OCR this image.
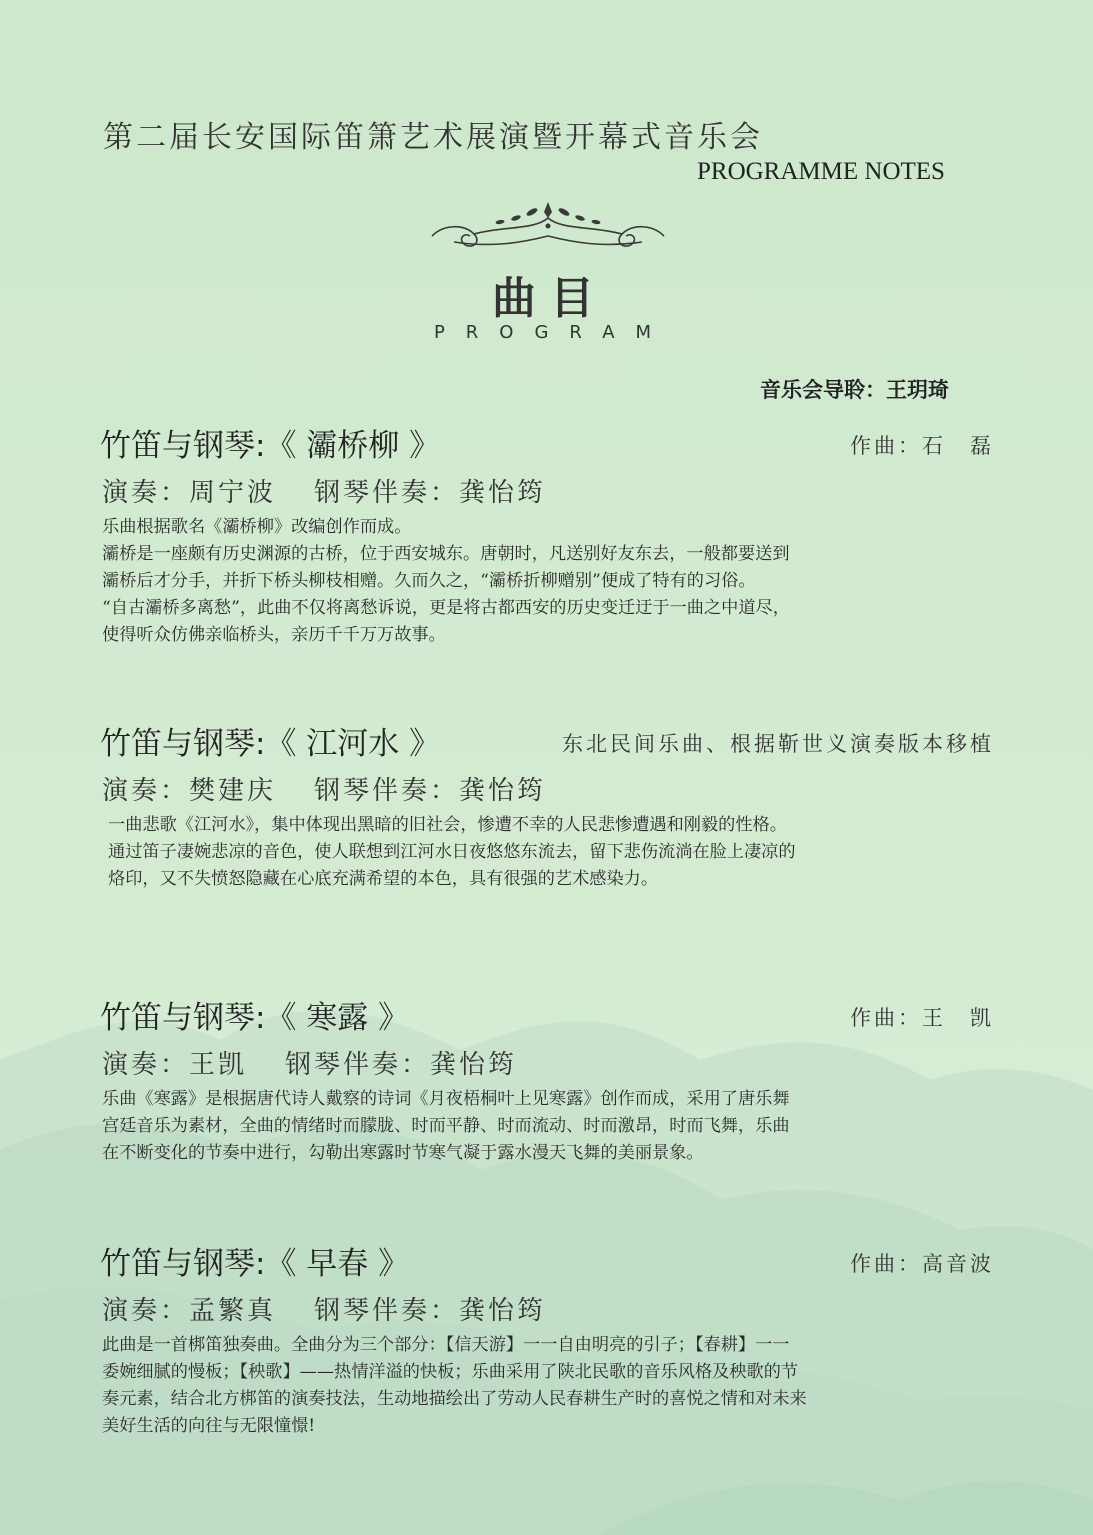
第二届长安国际笛箫艺术展演暨开幕式音乐会
PROGRAMME NOTES
曲目
PROGRAM
音乐会导聆：王玥琦
竹笛与钢琴:《 灞桥柳 》	作曲：石　磊
演奏：周宁波 钢琴伴奏：龚怡筠

乐曲根据歌名《灞桥柳》改编创作而成。

灞桥是一座颇有历史渊源的古桥，位于西安城东。唐朝时，凡送别好友东去，一般都要送到

灞桥后才分手，并折下桥头柳枝相赠。久而久之，“灞桥折柳赠别”便成了特有的习俗。

“自古灞桥多离愁”，此曲不仅将离愁诉说，更是将古都西安的历史变迁迂于一曲之中道尽，

使得听众仿佛亲临桥头，亲历千千万万故事。

竹笛与钢琴:《 江河水 》	东北民间乐曲、根据靳世义演奏版本移植
演奏：樊建庆 钢琴伴奏：龚怡筠

一曲悲歌《江河水》，集中体现出黑暗的旧社会，惨遭不幸的人民悲惨遭遇和刚毅的性格。

通过笛子凄婉悲凉的音色，使人联想到江河水日夜悠悠东流去，留下悲伤流淌在脸上凄凉的

烙印，又不失愤怒隐藏在心底充满希望的本色，具有很强的艺术感染力。

竹笛与钢琴:《 寒露 》	作曲：王　凯
演奏：王凯 钢琴伴奏：龚怡筠

乐曲《寒露》是根据唐代诗人戴察的诗词《月夜梧桐叶上见寒露》创作而成，采用了唐乐舞

宫廷音乐为素材，全曲的情绪时而朦胧、时而平静、时而流动、时而激昂，时而飞舞，乐曲

在不断变化的节奏中进行，勾勒出寒露时节寒气凝于露水漫天飞舞的美丽景象。

竹笛与钢琴:《 早春 》	作曲：高音波
演奏：孟繁真 钢琴伴奏：龚怡筠

此曲是一首梆笛独奏曲。全曲分为三个部分：【信天游】一一自由明亮的引子；【春耕】一一

委婉细腻的慢板；【秧歌】——热情洋溢的快板；乐曲采用了陕北民歌的音乐风格及秧歌的节

奏元素，结合北方梆笛的演奏技法，生动地描绘出了劳动人民春耕生产时的喜悦之情和对未来

美好生活的向往与无限憧憬!
